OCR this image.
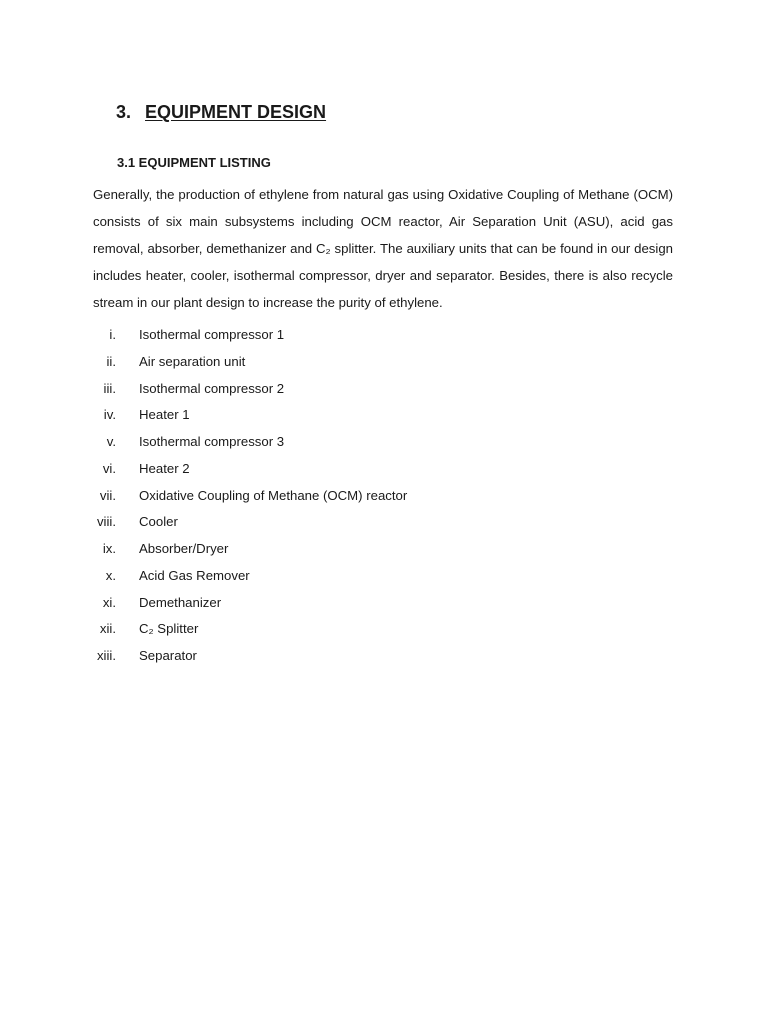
3. EQUIPMENT DESIGN
3.1 EQUIPMENT LISTING
Generally, the production of ethylene from natural gas using Oxidative Coupling of Methane (OCM) consists of six main subsystems including OCM reactor, Air Separation Unit (ASU), acid gas removal, absorber, demethanizer and C₂ splitter. The auxiliary units that can be found in our design includes heater, cooler, isothermal compressor, dryer and separator. Besides, there is also recycle stream in our plant design to increase the purity of ethylene.
i. Isothermal compressor 1
ii. Air separation unit
iii. Isothermal compressor 2
iv. Heater 1
v. Isothermal compressor 3
vi. Heater 2
vii. Oxidative Coupling of Methane (OCM) reactor
viii. Cooler
ix. Absorber/Dryer
x. Acid Gas Remover
xi. Demethanizer
xii. C₂ Splitter
xiii. Separator
